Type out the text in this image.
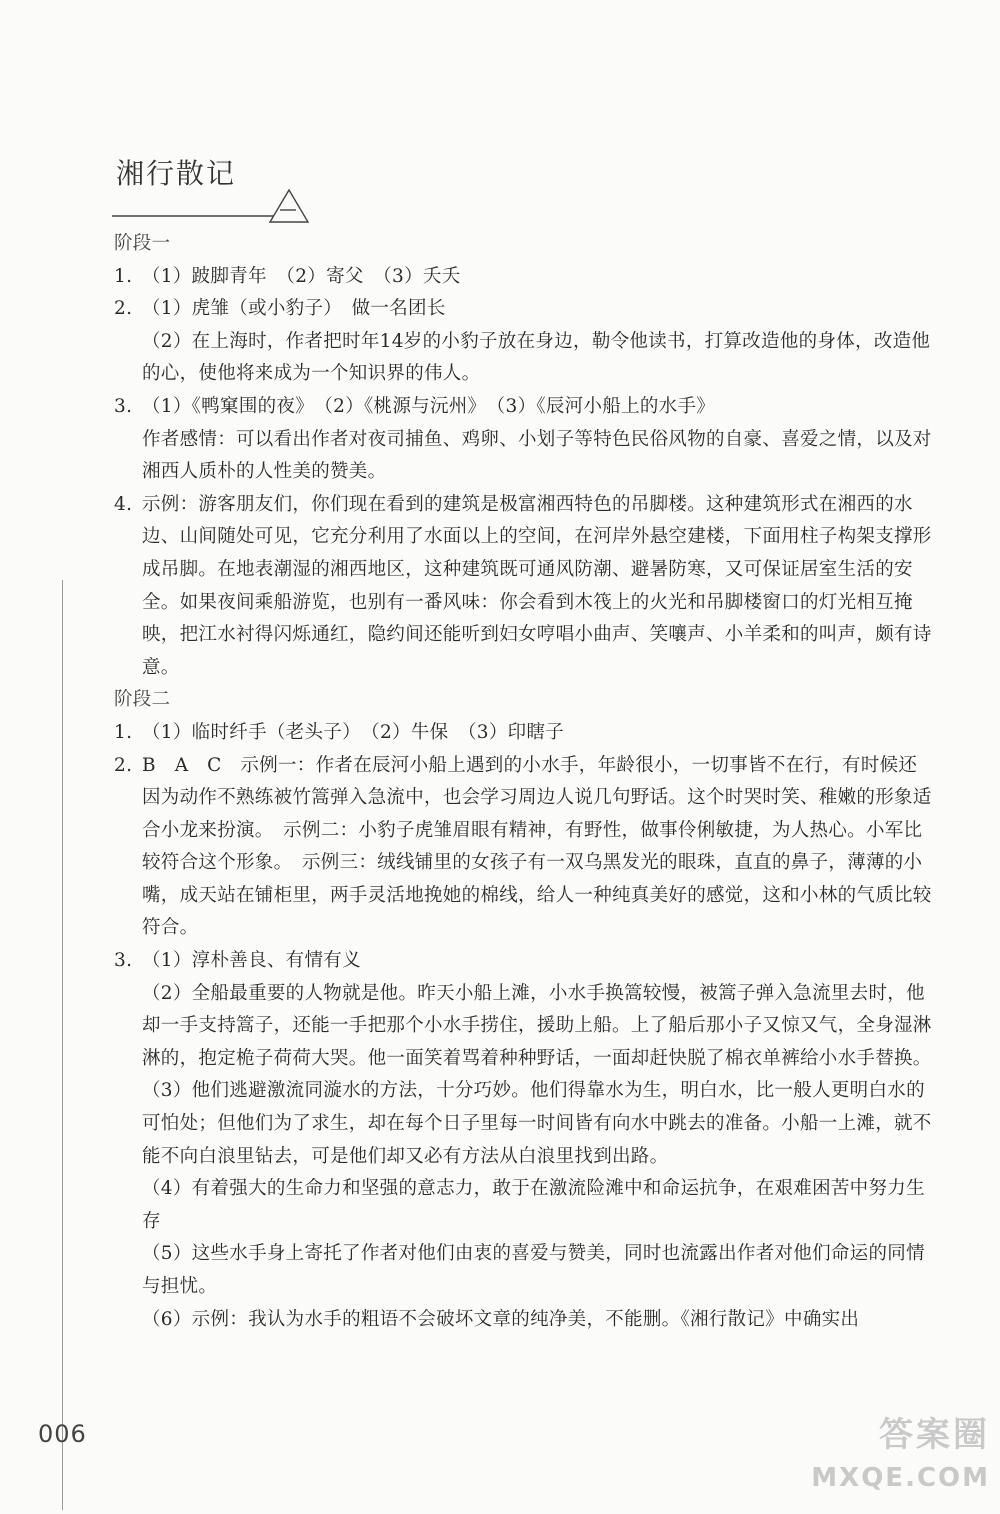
湘行散记

阶段一

1. （1）跛脚青年　（2）寄父　（3）夭夭

2. （1）虎雏（或小豹子）　做一名团长

（2）在上海时，作者把时年14岁的小豹子放在身边，勒令他读书，打算改造他的身体，改造他的心，使他将来成为一个知识界的伟人。

3. （1）《鸭窠围的夜》　（2）《桃源与沅州》　（3）《辰河小船上的水手》

作者感情：可以看出作者对夜司捕鱼、鸡卵、小划子等特色民俗风物的自豪、喜爱之情，以及对湘西人质朴的人性美的赞美。

4. 示例：游客朋友们，你们现在看到的建筑是极富湘西特色的吊脚楼。这种建筑形式在湘西的水边、山间随处可见，它充分利用了水面以上的空间，在河岸外悬空建楼，下面用柱子构架支撑形成吊脚。在地表潮湿的湘西地区，这种建筑既可通风防潮、避暑防寒，又可保证居室生活的安全。如果夜间乘船游览，也别有一番风味：你会看到木筏上的火光和吊脚楼窗口的灯光相互掩映，把江水衬得闪烁通红，隐约间还能听到妇女哼唱小曲声、笑嚷声、小羊柔和的叫声，颇有诗意。

阶段二

1. （1）临时纤手（老头子）　（2）牛保　（3）印瞎子

2. B　A　C　示例一：作者在辰河小船上遇到的小水手，年龄很小，一切事皆不在行，有时候还因为动作不熟练被竹篙弹入急流中，也会学习周边人说几句野话。这个时哭时笑、稚嫩的形象适合小龙来扮演。　示例二：小豹子虎雏眉眼有精神，有野性，做事伶俐敏捷，为人热心。小军比较符合这个形象。　示例三：绒线铺里的女孩子有一双乌黑发光的眼珠，直直的鼻子，薄薄的小嘴，成天站在铺柜里，两手灵活地挽她的棉线，给人一种纯真美好的感觉，这和小林的气质比较符合。

3. （1）淳朴善良、有情有义

（2）全船最重要的人物就是他。昨天小船上滩，小水手换篙较慢，被篙子弹入急流里去时，他却一手支持篙子，还能一手把那个小水手捞住，援助上船。上了船后那小子又惊又气，全身湿淋淋的，抱定桅子荷荷大哭。他一面笑着骂着种种野话，一面却赶快脱了棉衣单裤给小水手替换。

（3）他们逃避激流同漩水的方法，十分巧妙。他们得靠水为生，明白水，比一般人更明白水的可怕处；但他们为了求生，却在每个日子里每一时间皆有向水中跳去的准备。小船一上滩，就不能不向白浪里钻去，可是他们却又必有方法从白浪里找到出路。

（4）有着强大的生命力和坚强的意志力，敢于在激流险滩中和命运抗争，在艰难困苦中努力生存

（5）这些水手身上寄托了作者对他们由衷的喜爱与赞美，同时也流露出作者对他们命运的同情与担忧。

（6）示例：我认为水手的粗语不会破坏文章的纯净美，不能删。《湘行散记》中确实出

006	答案圈
MXQE.COM
